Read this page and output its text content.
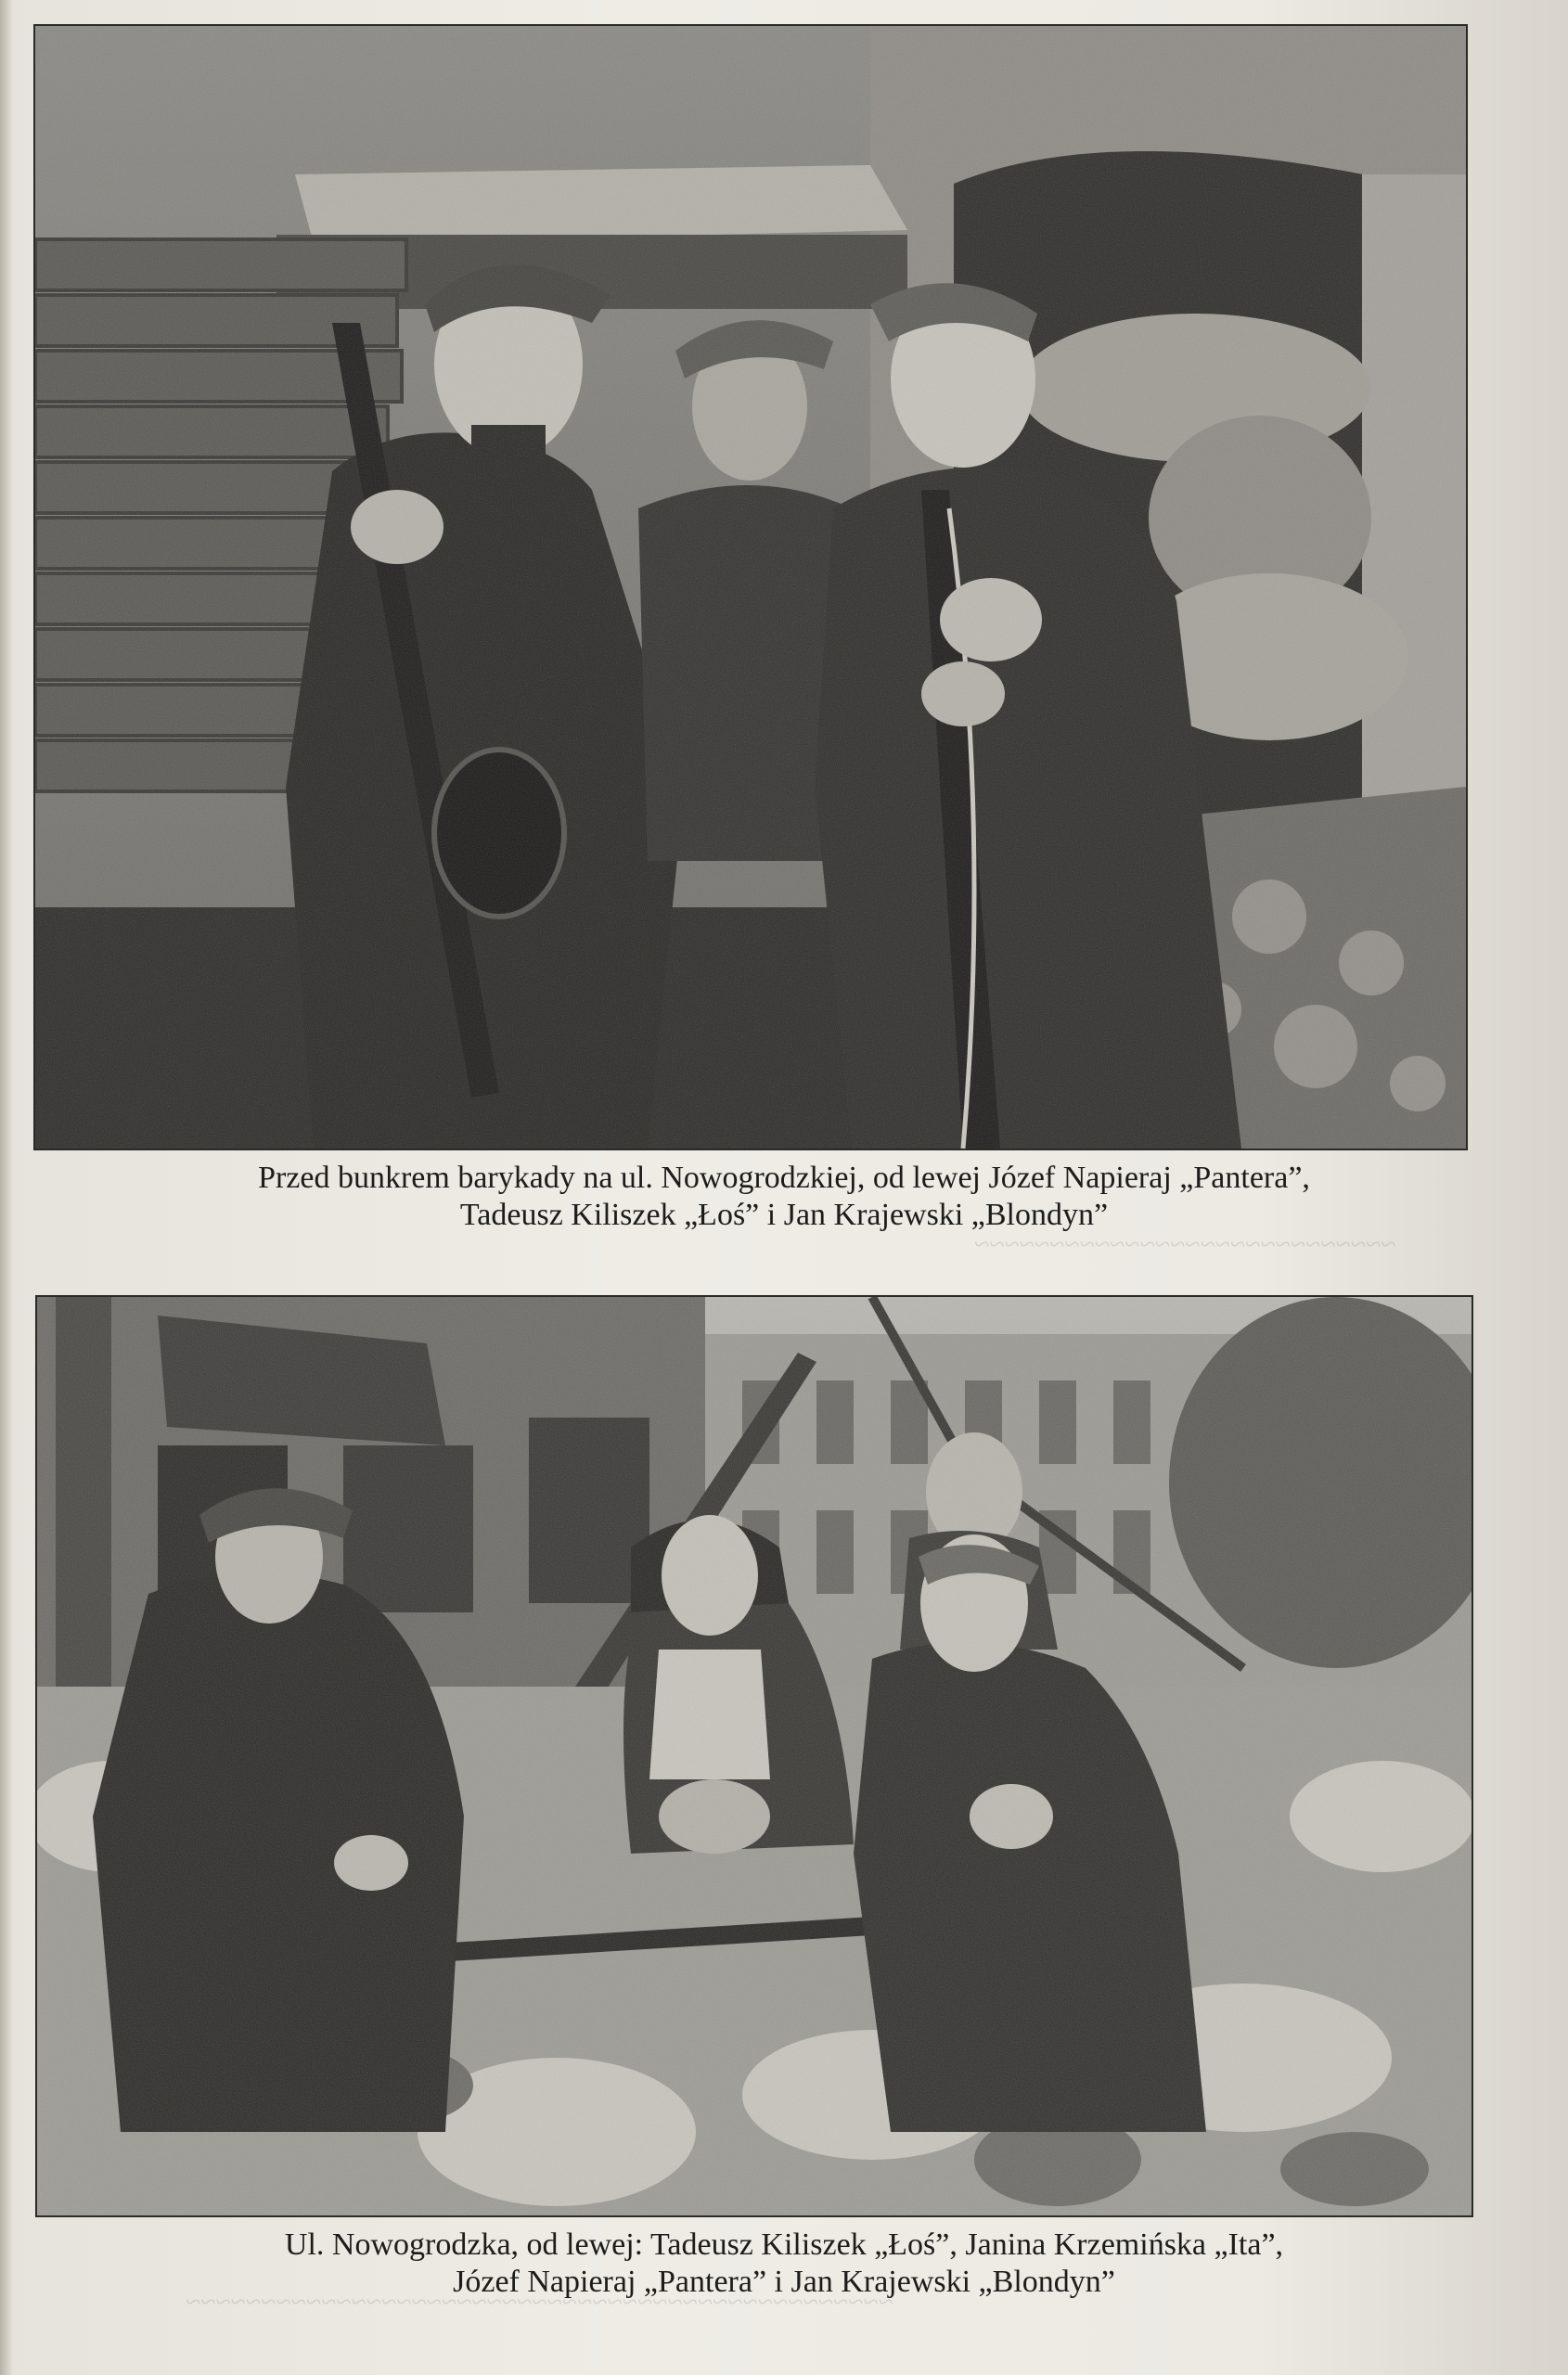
~~~~~~~~~~~~~~~~~~~~~~~~~~~~
~~~~~~~~~~~~~~~~~~~~~~~~~~~~~~~~~~~~~~~~~~~~~~~
Przed bunkrem barykady na ul. Nowogrodzkiej, od lewej Józef Napieraj „Pantera”,
Tadeusz Kiliszek „Łoś” i Jan Krajewski „Blondyn”
Ul. Nowogrodzka, od lewej: Tadeusz Kiliszek „Łoś”, Janina Krzemińska „Ita”,
Józef Napieraj „Pantera” i Jan Krajewski „Blondyn”
